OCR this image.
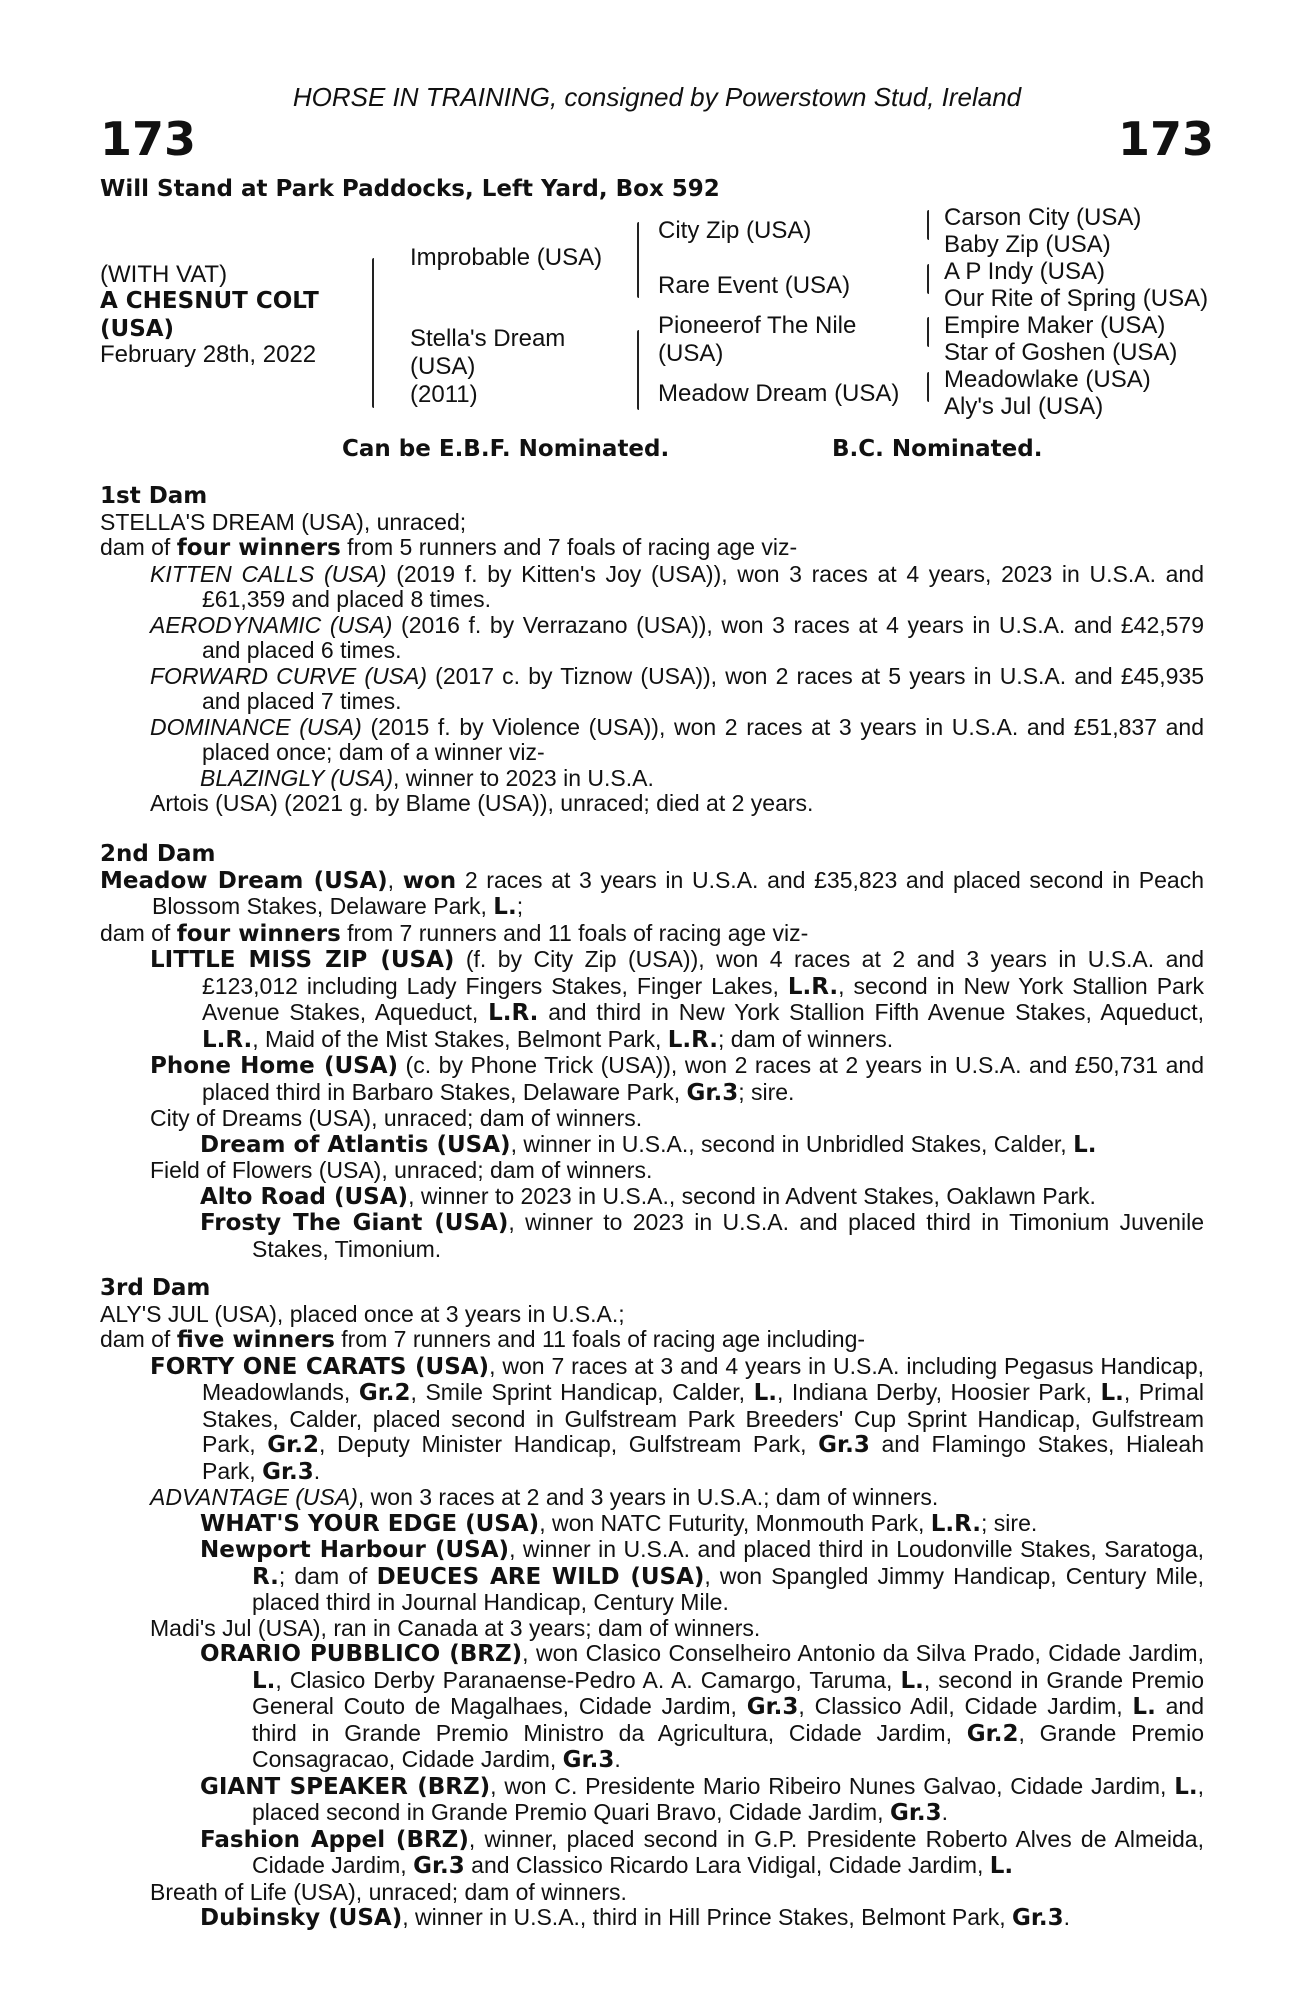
HORSE IN TRAINING, consigned by Powerstown Stud, Ireland
173	173
Will Stand at Park Paddocks, Left Yard, Box 592
(WITH VAT)
A CHESNUT COLT
(USA)
February 28th, 2022
Improbable (USA)
Stella's Dream
(USA)
(2011)
City Zip (USA)
Rare Event (USA)
Pioneerof The Nile
(USA)
Meadow Dream (USA)
Carson City (USA)
Baby Zip (USA)
A P Indy (USA)
Our Rite of Spring (USA)
Empire Maker (USA)
Star of Goshen (USA)
Meadowlake (USA)
Aly's Jul (USA)
Can be E.B.F. Nominated.	B.C. Nominated.
1st Dam

STELLA'S DREAM (USA), unraced;

dam of four winners from 5 runners and 7 foals of racing age viz-

KITTEN CALLS (USA) (2019 f. by Kitten's Joy (USA)), won 3 races at 4 years, 2023 in U.S.A. and £61,359 and placed 8 times.

AERODYNAMIC (USA) (2016 f. by Verrazano (USA)), won 3 races at 4 years in U.S.A. and £42,579 and placed 6 times.

FORWARD CURVE (USA) (2017 c. by Tiznow (USA)), won 2 races at 5 years in U.S.A. and £45,935 and placed 7 times.

DOMINANCE (USA) (2015 f. by Violence (USA)), won 2 races at 3 years in U.S.A. and £51,837 and placed once; dam of a winner viz-

BLAZINGLY (USA), winner to 2023 in U.S.A.

Artois (USA) (2021 g. by Blame (USA)), unraced; died at 2 years.

2nd Dam

Meadow Dream (USA), won 2 races at 3 years in U.S.A. and £35,823 and placed second in Peach Blossom Stakes, Delaware Park, L.;

dam of four winners from 7 runners and 11 foals of racing age viz-

LITTLE MISS ZIP (USA) (f. by City Zip (USA)), won 4 races at 2 and 3 years in U.S.A. and £123,012 including Lady Fingers Stakes, Finger Lakes, L.R., second in New York Stallion Park Avenue Stakes, Aqueduct, L.R. and third in New York Stallion Fifth Avenue Stakes, Aqueduct, L.R., Maid of the Mist Stakes, Belmont Park, L.R.; dam of winners.

Phone Home (USA) (c. by Phone Trick (USA)), won 2 races at 2 years in U.S.A. and £50,731 and placed third in Barbaro Stakes, Delaware Park, Gr.3; sire.

City of Dreams (USA), unraced; dam of winners.

Dream of Atlantis (USA), winner in U.S.A., second in Unbridled Stakes, Calder, L.

Field of Flowers (USA), unraced; dam of winners.

Alto Road (USA), winner to 2023 in U.S.A., second in Advent Stakes, Oaklawn Park.

Frosty The Giant (USA), winner to 2023 in U.S.A. and placed third in Timonium Juvenile Stakes, Timonium.

3rd Dam

ALY'S JUL (USA), placed once at 3 years in U.S.A.;

dam of five winners from 7 runners and 11 foals of racing age including-

FORTY ONE CARATS (USA), won 7 races at 3 and 4 years in U.S.A. including Pegasus Handicap, Meadowlands, Gr.2, Smile Sprint Handicap, Calder, L., Indiana Derby, Hoosier Park, L., Primal Stakes, Calder, placed second in Gulfstream Park Breeders' Cup Sprint Handicap, Gulfstream Park, Gr.2, Deputy Minister Handicap, Gulfstream Park, Gr.3 and Flamingo Stakes, Hialeah Park, Gr.3.

ADVANTAGE (USA), won 3 races at 2 and 3 years in U.S.A.; dam of winners.

WHAT'S YOUR EDGE (USA), won NATC Futurity, Monmouth Park, L.R.; sire.

Newport Harbour (USA), winner in U.S.A. and placed third in Loudonville Stakes, Saratoga, R.; dam of DEUCES ARE WILD (USA), won Spangled Jimmy Handicap, Century Mile, placed third in Journal Handicap, Century Mile.

Madi's Jul (USA), ran in Canada at 3 years; dam of winners.

ORARIO PUBBLICO (BRZ), won Clasico Conselheiro Antonio da Silva Prado, Cidade Jardim, L., Clasico Derby Paranaense-Pedro A. A. Camargo, Taruma, L., second in Grande Premio General Couto de Magalhaes, Cidade Jardim, Gr.3, Classico Adil, Cidade Jardim, L. and third in Grande Premio Ministro da Agricultura, Cidade Jardim, Gr.2, Grande Premio Consagracao, Cidade Jardim, Gr.3.

GIANT SPEAKER (BRZ), won C. Presidente Mario Ribeiro Nunes Galvao, Cidade Jardim, L., placed second in Grande Premio Quari Bravo, Cidade Jardim, Gr.3.

Fashion Appel (BRZ), winner, placed second in G.P. Presidente Roberto Alves de Almeida, Cidade Jardim, Gr.3 and Classico Ricardo Lara Vidigal, Cidade Jardim, L.

Breath of Life (USA), unraced; dam of winners.

Dubinsky (USA), winner in U.S.A., third in Hill Prince Stakes, Belmont Park, Gr.3.
